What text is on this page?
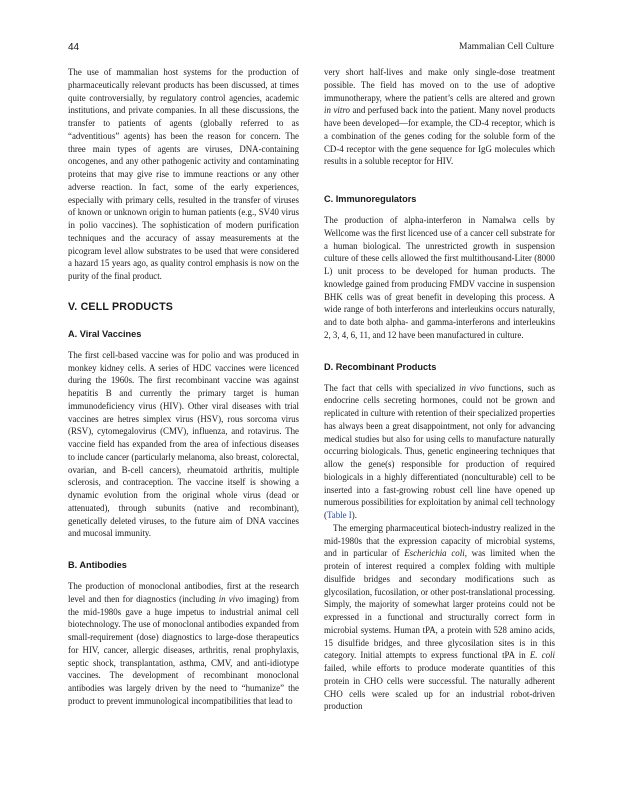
44	Mammalian Cell Culture

The use of mammalian host systems for the production of pharmaceutically relevant products has been discussed, at times quite controversially, by regulatory control agencies, academic institutions, and private companies. In all these discussions, the transfer to patients of agents (globally referred to as “adventitious” agents) has been the reason for concern. The three main types of agents are viruses, DNA-containing oncogenes, and any other pathogenic activity and contaminating proteins that may give rise to immune reactions or any other adverse reaction. In fact, some of the early experiences, especially with primary cells, resulted in the transfer of viruses of known or unknown origin to human patients (e.g., SV40 virus in polio vaccines). The sophistication of modern purification techniques and the accuracy of assay measurements at the picogram level allow substrates to be used that were considered a hazard 15 years ago, as quality control emphasis is now on the purity of the final product.

V. CELL PRODUCTS
A. Viral Vaccines

The first cell-based vaccine was for polio and was produced in monkey kidney cells. A series of HDC vaccines were licenced during the 1960s. The first recombinant vaccine was against hepatitis B and currently the primary target is human immunodeficiency virus (HIV). Other viral diseases with trial vaccines are hetres simplex virus (HSV), rous sorcoma virus (RSV), cytomegalovirus (CMV), influenza, and rotavirus. The vaccine field has expanded from the area of infectious diseases to include cancer (particularly melanoma, also breast, colorectal, ovarian, and B-cell cancers), rheumatoid arthritis, multiple sclerosis, and contraception. The vaccine itself is showing a dynamic evolution from the original whole virus (dead or attenuated), through subunits (native and recombinant), genetically deleted viruses, to the future aim of DNA vaccines and mucosal immunity.

B. Antibodies

The production of monoclonal antibodies, first at the research level and then for diagnostics (including in vivo imaging) from the mid-1980s gave a huge impetus to industrial animal cell biotechnology. The use of monoclonal antibodies expanded from small-requirement (dose) diagnostics to large-dose therapeutics for HIV, cancer, allergic diseases, arthritis, renal prophylaxis, septic shock, transplantation, asthma, CMV, and anti-idiotype vaccines. The development of recombinant monoclonal antibodies was largely driven by the need to “humanize” the product to prevent immunological incompatibilities that lead to

very short half-lives and make only single-dose treatment possible. The field has moved on to the use of adoptive immunotherapy, where the patient’s cells are altered and grown in vitro and perfused back into the patient. Many novel products have been developed—for example, the CD-4 receptor, which is a combination of the genes coding for the soluble form of the CD-4 receptor with the gene sequence for IgG molecules which results in a soluble receptor for HIV.

C. Immunoregulators

The production of alpha-interferon in Namalwa cells by Wellcome was the first licenced use of a cancer cell substrate for a human biological. The unrestricted growth in suspension culture of these cells allowed the first multithousand-Liter (8000 L) unit process to be developed for human products. The knowledge gained from producing FMDV vaccine in suspension BHK cells was of great benefit in developing this process. A wide range of both interferons and interleukins occurs naturally, and to date both alpha- and gamma-interferons and interleukins 2, 3, 4, 6, 11, and 12 have been manufactured in culture.

D. Recombinant Products

The fact that cells with specialized in vivo functions, such as endocrine cells secreting hormones, could not be grown and replicated in culture with retention of their specialized properties has always been a great disappointment, not only for advancing medical studies but also for using cells to manufacture naturally occurring biologicals. Thus, genetic engineering techniques that allow the gene(s) responsible for production of required biologicals in a highly differentiated (nonculturable) cell to be inserted into a fast-growing robust cell line have opened up numerous possibilities for exploitation by animal cell technology (Table I).

The emerging pharmaceutical biotech-industry realized in the mid-1980s that the expression capacity of microbial systems, and in particular of Escherichia coli, was limited when the protein of interest required a complex folding with multiple disulfide bridges and secondary modifications such as glycosilation, fucosilation, or other post-translational processing. Simply, the majority of somewhat larger proteins could not be expressed in a functional and structurally correct form in microbial systems. Human tPA, a protein with 528 amino acids, 15 disulfide bridges, and three glycosilation sites is in this category. Initial attempts to express functional tPA in E. coli failed, while efforts to produce moderate quantities of this protein in CHO cells were successful. The naturally adherent CHO cells were scaled up for an industrial robot-driven production
